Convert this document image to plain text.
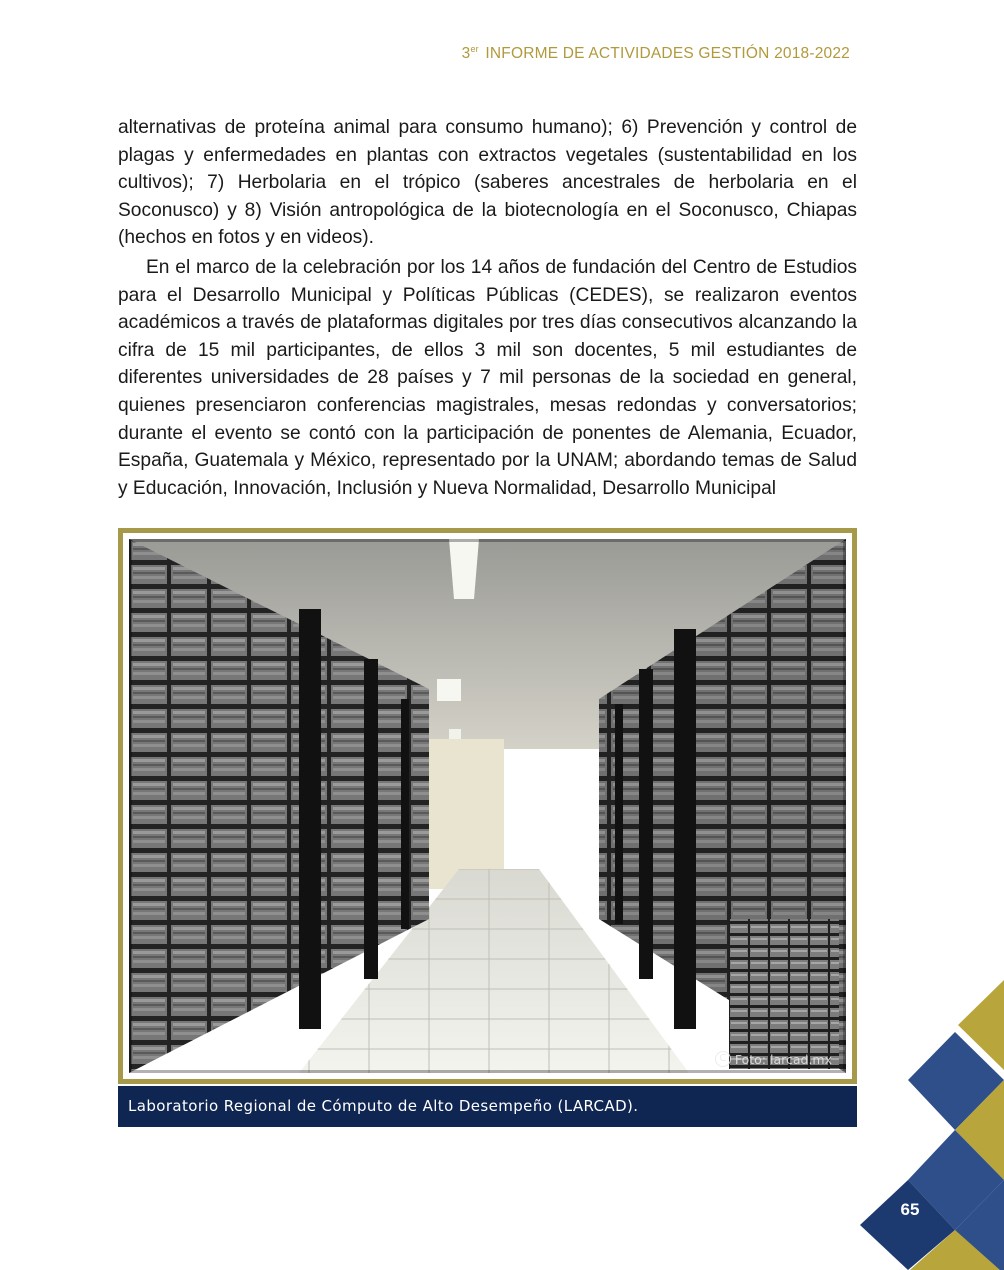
3er INFORME DE ACTIVIDADES GESTIÓN 2018-2022

alternativas de proteína animal para consumo humano); 6) Prevención y control de plagas y enfermedades en plantas con extractos vegetales (sustentabilidad en los cultivos); 7) Herbolaria en el trópico (saberes ancestrales de herbolaria en el Soconusco) y 8) Visión antropológica de la biotecnología en el Soconusco, Chiapas (hechos en fotos y en videos).

En el marco de la celebración por los 14 años de fundación del Centro de Estudios para el Desarrollo Municipal y Políticas Públicas (CEDES), se realizaron eventos académicos a través de plataformas digitales por tres días consecutivos alcanzando la cifra de 15 mil participantes, de ellos 3 mil son docentes, 5 mil estudiantes de diferentes universidades de 28 países y 7 mil personas de la sociedad en general, quienes presenciaron conferencias magistrales, mesas redondas y conversatorios; durante el evento se contó con la participación de ponentes de Alemania, Ecuador, España, Guatemala y México, representado por la UNAM; abordando temas de Salud y Educación, Innovación, Inclusión y Nueva Normalidad, Desarrollo Municipal

C Foto: larcad.mx
Laboratorio Regional de Cómputo de Alto Desempeño (LARCAD).
65
